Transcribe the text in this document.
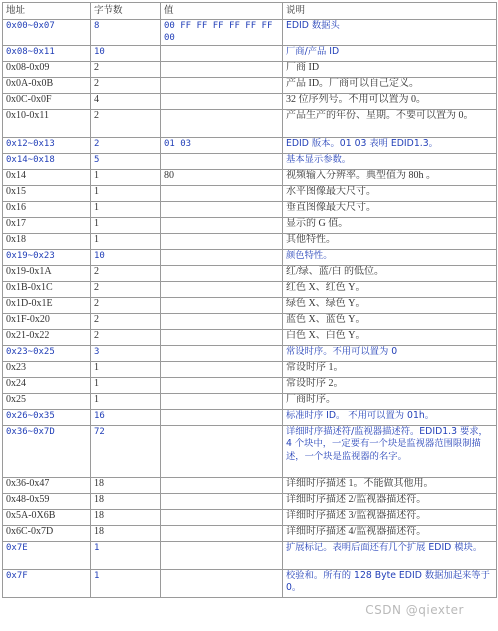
地址	字节数	值	说明
0x00~0x07	8	00 FF FF FF FF FF FF 00	EDID 数据头
0x08~0x11	10		厂商/产品 ID
0x08-0x09	2		厂商 ID
0x0A-0x0B	2		产品 ID。厂商可以自己定义。
0x0C-0x0F	4		32 位序列号。不用可以置为 0。
0x10-0x11	2		产品生产的年份、星期。不要可以置为 0。
0x12~0x13	2	01 03	EDID 版本。01 03 表明 EDID1.3。
0x14~0x18	5		基本显示参数。
0x14	1	80	视频输入分辨率。典型值为 80h 。
0x15	1		水平图像最大尺寸。
0x16	1		垂直图像最大尺寸。
0x17	1		显示的 G 值。
0x18	1		其他特性。
0x19~0x23	10		颜色特性。
0x19-0x1A	2		红/绿、蓝/白 的低位。
0x1B-0x1C	2		红色 X、红色 Y。
0x1D-0x1E	2		绿色 X、绿色 Y。
0x1F-0x20	2		蓝色 X、蓝色 Y。
0x21-0x22	2		白色 X、白色 Y。
0x23~0x25	3		常设时序。不用可以置为 0
0x23	1		常设时序 1。
0x24	1		常设时序 2。
0x25	1		厂商时序。
0x26~0x35	16		标准时序 ID。 不用可以置为 01h。
0x36~0x7D	72		详细时序描述符/监视器描述符。EDID1.3 要求，4 个块中，一定要有一个块是监视器范围限制描述，一个块是监视器的名字。
0x36-0x47	18		详细时序描述 1。不能做其他用。
0x48-0x59	18		详细时序描述 2/监视器描述符。
0x5A-0X6B	18		详细时序描述 3/监视器描述符。
0x6C-0x7D	18		详细时序描述 4/监视器描述符。
0x7E	1		扩展标记。表明后面还有几个扩展 EDID 模块。
0x7F	1		校验和。所有的 128 Byte EDID 数据加起来等于 0。
CSDN @qiexter
